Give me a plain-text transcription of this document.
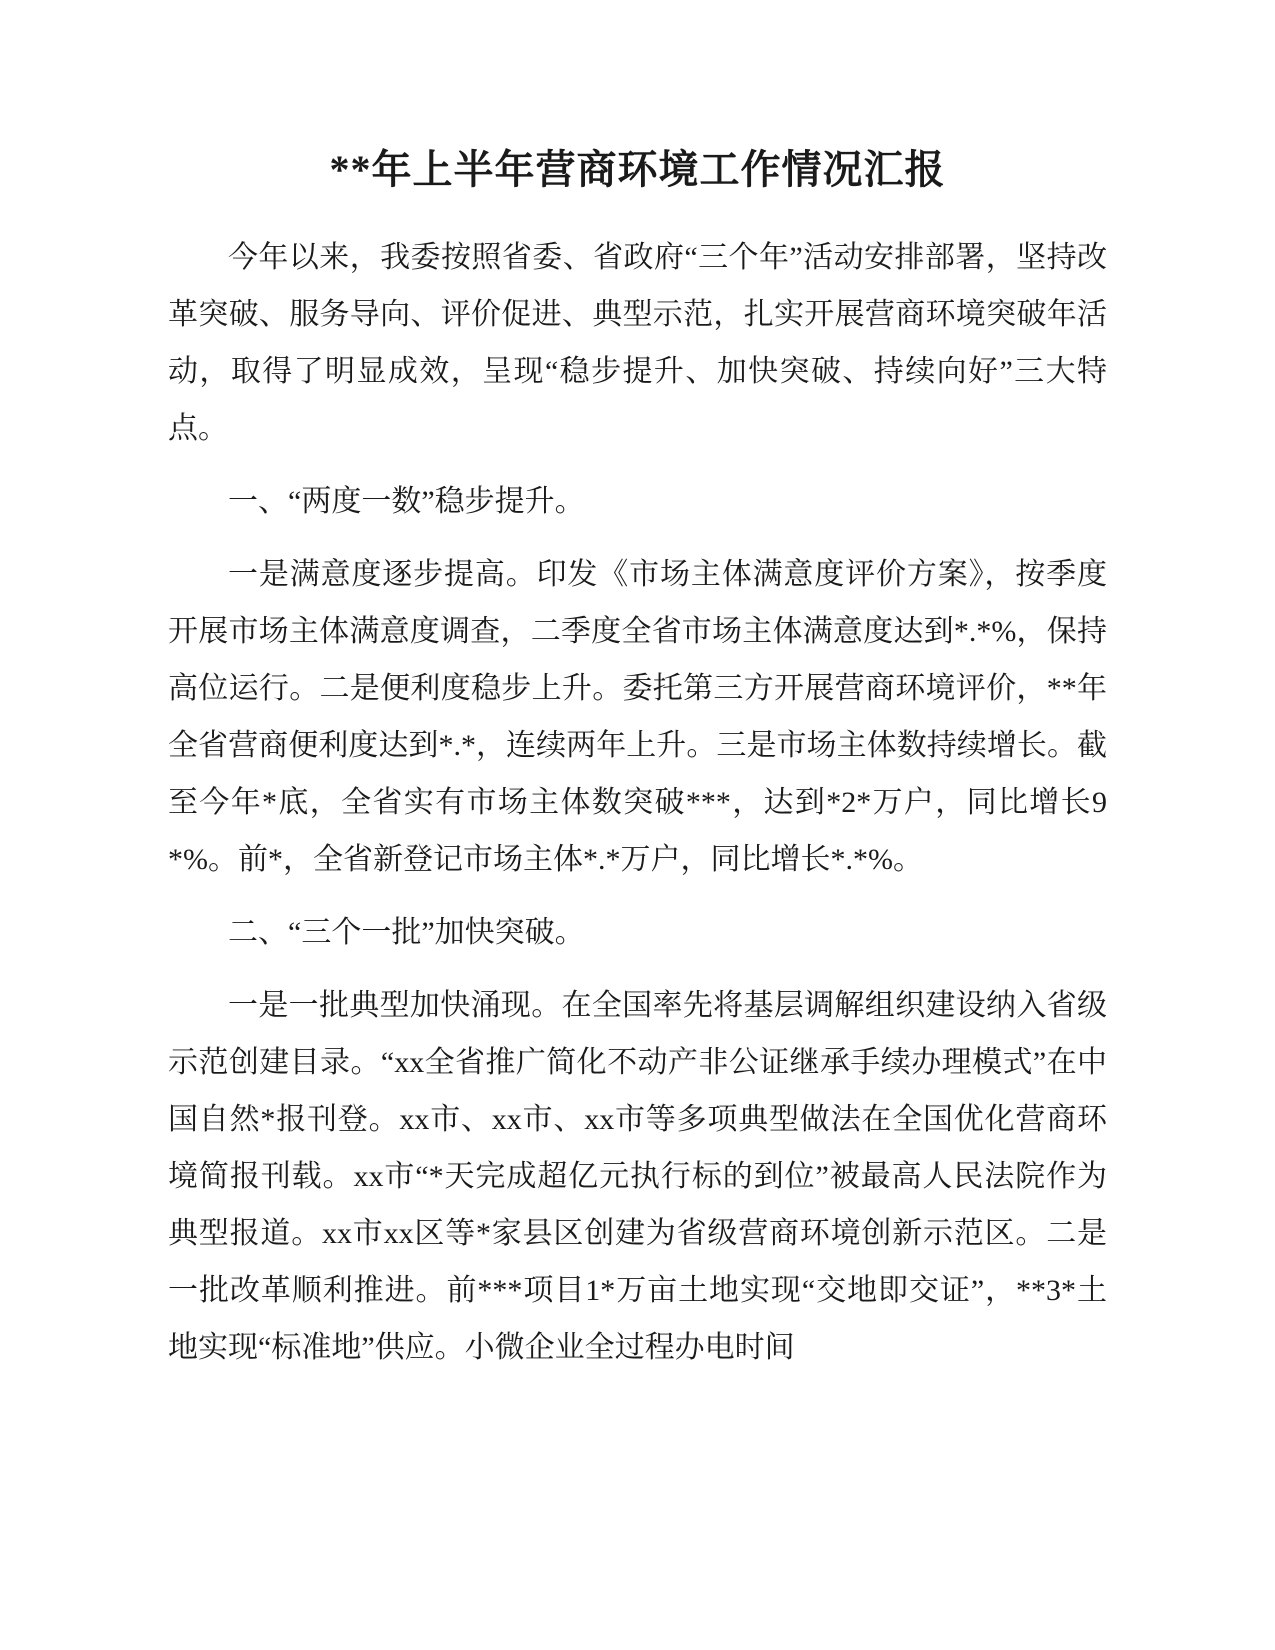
**年上半年营商环境工作情况汇报

今年以来，我委按照省委、省政府“三个年”活动安排部署，坚持改革突破、服务导向、评价促进、典型示范，扎实开展营商环境突破年活动，取得了明显成效，呈现“稳步提升、加快突破、持续向好”三大特点。

一、“两度一数”稳步提升。

一是满意度逐步提高。印发《市场主体满意度评价方案》，按季度开展市场主体满意度调查，二季度全省市场主体满意度达到*.*%，保持高位运行。二是便利度稳步上升。委托第三方开展营商环境评价，**年全省营商便利度达到*.*，连续两年上升。三是市场主体数持续增长。截至今年*底，全省实有市场主体数突破***，达到*2*万户，同比增长9*%。前*，全省新登记市场主体*.*万户，同比增长*.*%。

二、“三个一批”加快突破。

一是一批典型加快涌现。在全国率先将基层调解组织建设纳入省级示范创建目录。“xx全省推广简化不动产非公证继承手续办理模式”在中国自然*报刊登。xx市、xx市、xx市等多项典型做法在全国优化营商环境简报刊载。xx市“*天完成超亿元执行标的到位”被最高人民法院作为典型报道。xx市xx区等*家县区创建为省级营商环境创新示范区。二是一批改革顺利推进。前***项目1*万亩土地实现“交地即交证”，**3*土地实现“标准地”供应。小微企业全过程办电时间
